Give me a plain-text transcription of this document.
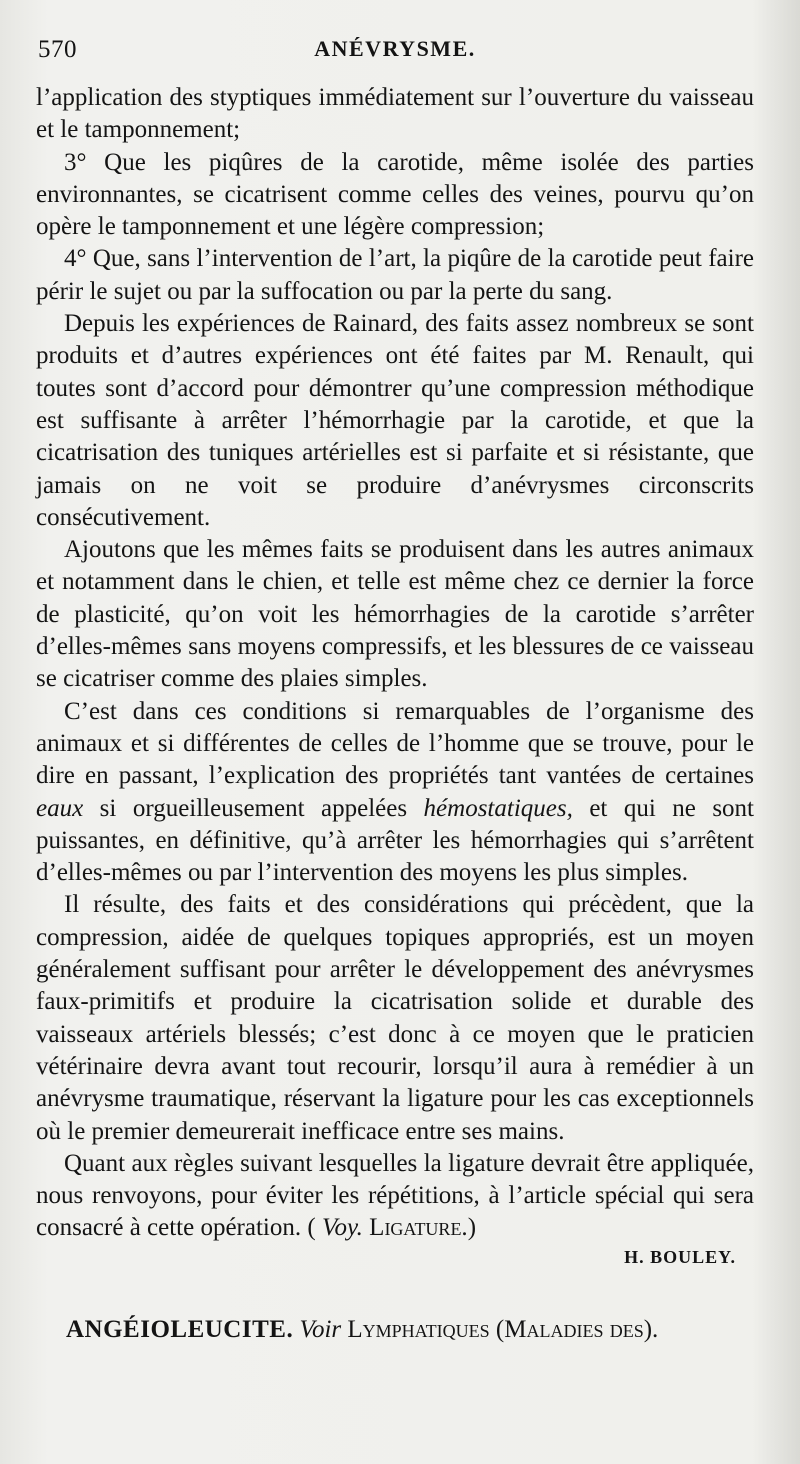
570	ANÉVRYSME.

l’application des styptiques immédiatement sur l’ouverture du vaisseau et le tamponnement;

3° Que les piqûres de la carotide, même isolée des parties environnantes, se cicatrisent comme celles des veines, pourvu qu’on opère le tamponnement et une légère compression;

4° Que, sans l’intervention de l’art, la piqûre de la carotide peut faire périr le sujet ou par la suffocation ou par la perte du sang.

Depuis les expériences de Rainard, des faits assez nombreux se sont produits et d’autres expériences ont été faites par M. Renault, qui toutes sont d’accord pour démontrer qu’une compression méthodique est suffisante à arrêter l’hémorrhagie par la carotide, et que la cicatrisation des tuniques artérielles est si parfaite et si résistante, que jamais on ne voit se produire d’anévrysmes circonscrits consécutivement.

Ajoutons que les mêmes faits se produisent dans les autres animaux et notamment dans le chien, et telle est même chez ce dernier la force de plasticité, qu’on voit les hémorrhagies de la carotide s’arrêter d’elles-mêmes sans moyens compressifs, et les blessures de ce vaisseau se cicatriser comme des plaies simples.

C’est dans ces conditions si remarquables de l’organisme des animaux et si différentes de celles de l’homme que se trouve, pour le dire en passant, l’explication des propriétés tant vantées de certaines eaux si orgueilleusement appelées hémostatiques, et qui ne sont puissantes, en définitive, qu’à arrêter les hémorrhagies qui s’arrêtent d’elles-mêmes ou par l’intervention des moyens les plus simples.

Il résulte, des faits et des considérations qui précèdent, que la compression, aidée de quelques topiques appropriés, est un moyen généralement suffisant pour arrêter le développement des anévrysmes faux-primitifs et produire la cicatrisation solide et durable des vaisseaux artériels blessés; c’est donc à ce moyen que le praticien vétérinaire devra avant tout recourir, lorsqu’il aura à remédier à un anévrysme traumatique, réservant la ligature pour les cas exceptionnels où le premier demeurerait inefficace entre ses mains.

Quant aux règles suivant lesquelles la ligature devrait être appliquée, nous renvoyons, pour éviter les répétitions, à l’article spécial qui sera consacré à cette opération. ( Voy. Ligature.)

H. BOULEY.
ANGÉIOLEUCITE. Voir Lymphatiques (Maladies des).
